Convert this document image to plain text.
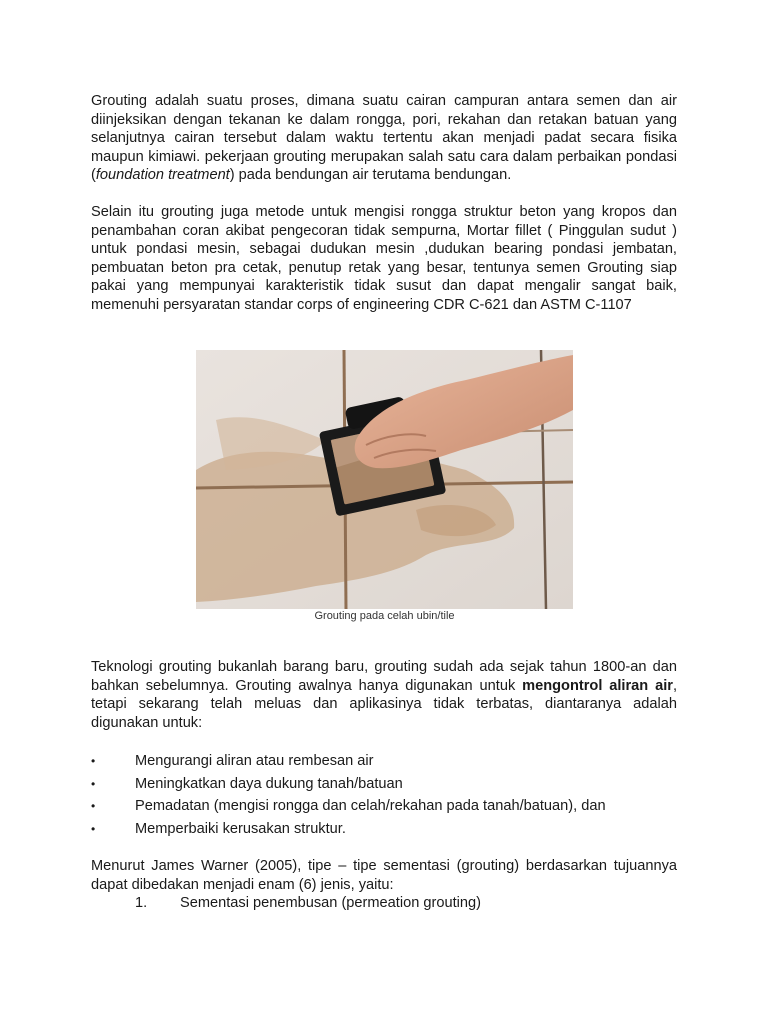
Grouting adalah suatu proses, dimana suatu cairan campuran antara semen dan air diinjeksikan dengan tekanan ke dalam rongga, pori, rekahan dan retakan batuan yang selanjutnya cairan tersebut dalam waktu tertentu akan menjadi padat secara fisika maupun kimiawi. pekerjaan grouting merupakan salah satu cara dalam perbaikan pondasi (foundation treatment) pada bendungan air terutama bendungan.

Selain itu grouting juga metode untuk mengisi rongga struktur beton yang kropos dan penambahan coran akibat pengecoran tidak sempurna, Mortar fillet ( Pinggulan sudut ) untuk pondasi mesin, sebagai dudukan mesin ,dudukan bearing pondasi jembatan, pembuatan beton pra cetak, penutup retak yang besar, tentunya semen Grouting siap pakai yang mempunyai karakteristik tidak susut dan dapat mengalir sangat baik, memenuhi persyaratan standar corps of engineering CDR C-621 dan ASTM C-1107

Grouting pada celah ubin/tile

Teknologi grouting bukanlah barang baru, grouting sudah ada sejak tahun 1800-an dan bahkan sebelumnya. Grouting awalnya hanya digunakan untuk mengontrol aliran air, tetapi sekarang telah meluas dan aplikasinya tidak terbatas, diantaranya adalah digunakan untuk:

•	Mengurangi aliran atau rembesan air
•	Meningkatkan daya dukung tanah/batuan
•	Pemadatan (mengisi rongga dan celah/rekahan pada tanah/batuan), dan
•	Memperbaiki kerusakan struktur.

Menurut James Warner (2005), tipe – tipe sementasi (grouting) berdasarkan tujuannya dapat dibedakan menjadi enam (6) jenis, yaitu:

1. Sementasi penembusan (permeation grouting)
